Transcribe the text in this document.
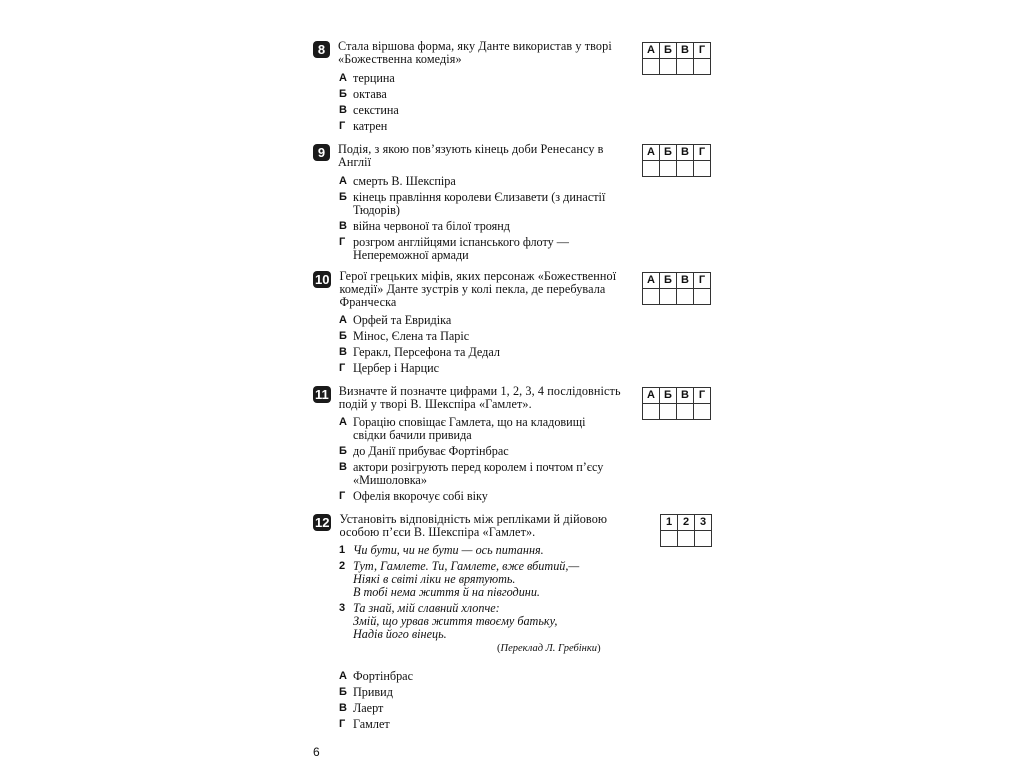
8	Стала віршова форма, яку Данте використав у творі «Божественна комедія»
А терцина
Б октава
В секстина
Г катрен
А	Б	В	Г

9	Подія, з якою пов’язують кінець доби Ренесансу в Англії
А смерть В. Шекспіра
Б кінець правління королеви Єлизавети (з династії Тюдорів)
В війна червоної та білої троянд
Г розгром англійцями іспанського флоту — Непереможної армади
А	Б	В	Г

10 Герої грецьких міфів, яких персонаж «Божественної комедії» Данте зустрів у колі пекла, де перебувала Франческа
А Орфей та Евридіка
Б Мінос, Єлена та Паріс
В Геракл, Персефона та Дедал
Г Цербер і Нарцис
А	Б	В	Г

11 Визначте й позначте цифрами 1, 2, 3, 4 послідовність подій у творі В. Шекспіра «Гамлет».
А Горацію сповіщає Гамлета, що на кладовищі свідки бачили привида
Б до Данії прибуває Фортінбрас
В актори розігрують перед королем і почтом п’єсу «Мишоловка»
Г Офелія вкорочує собі віку
А	Б	В	Г

12 Установіть відповідність між репліками й дійовою особою п’єси В. Шекспіра «Гамлет».
1 Чи бути, чи не бути — ось питання.
2 Тут, Гамлете. Ти, Гамлете, вже вбитий,—
Ніякі в світі ліки не врятують.
В тобі нема життя й на півгодини.
3 Та знай, мій славний хлопче:
Змій, що урвав життя твоєму батьку,
Надів його вінець.
(Переклад Л. Гребінки)
А Фортінбрас
Б Привид
В Лаерт
Г Гамлет
1	2	3

6
